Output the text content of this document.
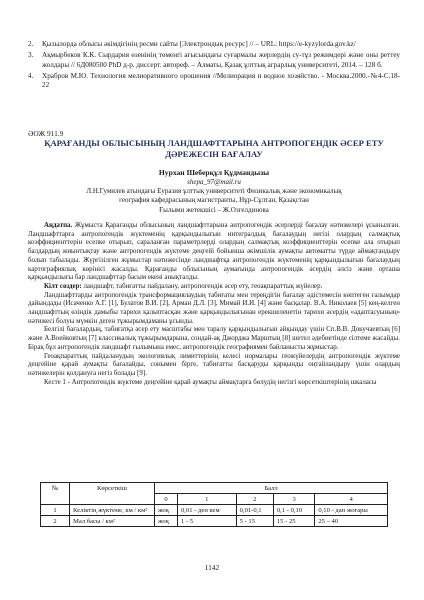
2.	Қызылорда облысы әкімдігінің ресми сайты [Электрондық ресурс] // – URL: https://e-kyzylorda.gov.kz/
3.	Ақмырбеков К.К. Сырдария өзенінің төменгі ағысындағы суғармалы жерлердің су-тұз режимдері және оны реттеу жолдары // 6Д080500 PhD д-р. диссерт. автореф. – Алматы, Қазақ ұлттық аграрлық университеті, 2014. – 128 б.
4.	Храбров М.Ю. Технология мелиоративного орошения //Мелиорация и водное хозяйство. - Москва.2000.-№4-С.18-22
ӘОЖ 911.9
ҚАРАҒАНДЫ ОБЛЫСЫНЫҢ ЛАНДШАФТТАРЫНА АНТРОПОГЕНДІК ӘСЕР ЕТУ ДӘРЕЖЕСІН БАҒАЛАУ
Нурхан Шеберқұл Құдмандызы
shepa_97@mail.ru
Л.Н.Гумилев атындағы Еуразия ұлттық университеті Физикалық және экономикалық
география кафедрасының магистранты, Нұр-Сұлтан, Қазақстан
Ғылыми жетекшісі – Ж.Озгелдинова

Аңдатпа. Жұмыста Қарағанды облысының ландшафттарына антропогендік әсерлерді бағалау нәтижелері ұсынылған. Ландшафттарға антропогендік жүктеменің қарқындылығын интегралдық бағалаудың негізі олардың салмақтық коэффициенттерін есепке отырып, сараланған параметрлерді олардың салмақтық коэффициенттерін есепке ала отырып балдардың жиынтықтау және антропогендік жүктеме деңгейі бойынша әкімшілік аумақты автоматты түрде аймақтандыру болып табылады. Жүргізілген жұмыстар нәтижесінде ландшафтқа антропогендік жүктеменің қарқындылығын бағалаудың картографиялық көрінісі жасалды. Қарағанды облысының аумағында антропогендік әсердің әлсіз және орташа қарқындылығы бар ландшафттар басым екені анықталды.

Кілт сөздер: ландшафт, табиғатты пайдалану, антропогендік әсер ету, геоақпараттық жүйелер.

Ландшафттарды антропогендік трансформациялаудың табиғаты мен тереңдігін бағалау әдістемесін көптеген ғалымдар дайындады (Исаченко А.Г. [1], Булатов В.И. [2], Арман Д.Л. [3], Мимай И.И. [4] және басқалар. В.А. Николаев [5] кең-келген ландшафттың өзіндік дамыбы тарихи қалыптасқан және қарқындылығынан ерекшеленетін тарихи әсердің «адаптасуының» нәтижесі болуы мүмкін деген тұжырымдаманы ұсынды.

Белгілі бағалардың, табиғатқа әсер ету масштабы мен таралу қарқындылығын айқындау үшін Сп.В.В. Докучаевтың [6] және А.Воейковтың [7] классикалық тұжырымдарына, сондай-ақ Джорджа Марштың [8] шетел әдебиетінде сілтеме жасайды. Бірақ бұл антропогендік ландшафт ғылымына емес, антропогендік географиямен байланысты жұмыстар.

Геоақпараттық пайдаланудың экологиялық лимиттерінің келесі нормалары геожүйелердің антропогендік жүктеме деңгейіне қарай аумақты бағалайды, сонымен бірге, табиғатты басқаруды қарқынды оңтайландыру үшін олардың нәтижелерін қолдануға негіз болады [9].

Кесте 1 - Антропогендік жүктеме деңгейіне қарай аумақты аймақтарға бөлудің негізгі көрсеткіштерінің шкаласы

№	Көрсеткіш	Балл				
		0	1	2	3	4
1	Келіктің жүктеме, км / км²	жоқ	0,01 - ден кем	0,01-0,1	0,1 - 0,10	0,10 - дан жоғары
2	Мал басы / км²	жоқ	1 - 5	5 - 15	15 - 25	25 – 40
1142
